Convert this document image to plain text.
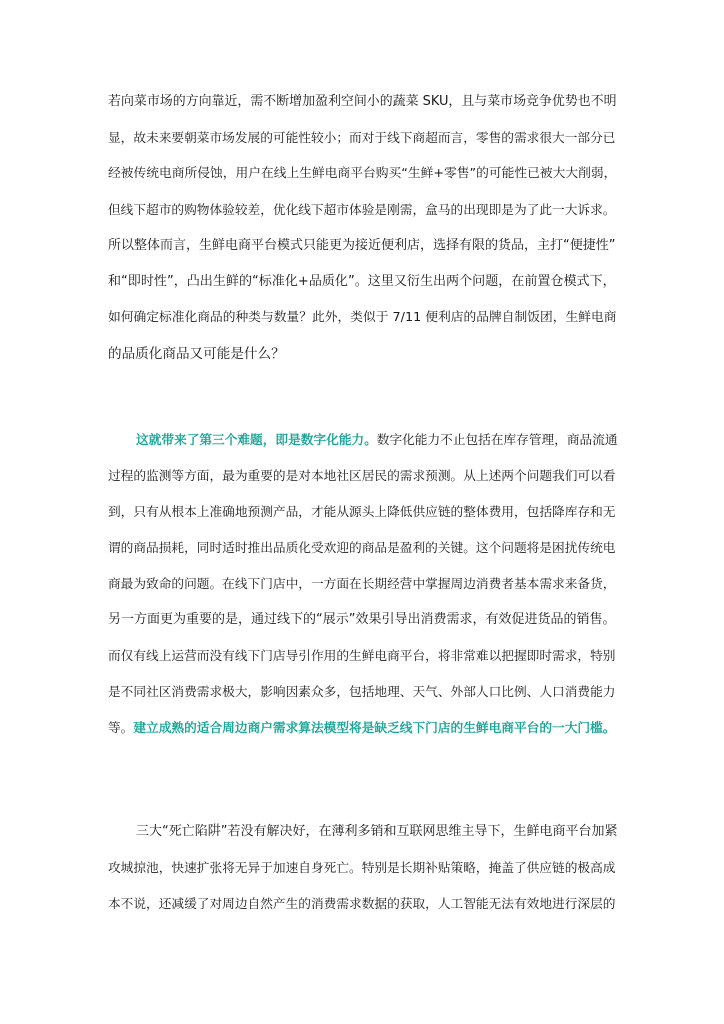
若向菜市场的方向靠近，需不断增加盈利空间小的蔬菜 SKU，且与菜市场竞争优势也不明
显，故未来要朝菜市场发展的可能性较小；而对于线下商超而言，零售的需求很大一部分已
经被传统电商所侵蚀，用户在线上生鲜电商平台购买“生鲜+零售”的可能性已被大大削弱，
但线下超市的购物体验较差，优化线下超市体验是刚需，盒马的出现即是为了此一大诉求。
所以整体而言，生鲜电商平台模式只能更为接近便利店，选择有限的货品，主打“便捷性”
和“即时性”，凸出生鲜的“标准化+品质化”。这里又衍生出两个问题，在前置仓模式下，
如何确定标准化商品的种类与数量？此外，类似于 7/11 便利店的品牌自制饭团，生鲜电商
的品质化商品又可能是什么？
这就带来了第三个难题，即是数字化能力。数字化能力不止包括在库存管理，商品流通
过程的监测等方面，最为重要的是对本地社区居民的需求预测。从上述两个问题我们可以看
到，只有从根本上准确地预测产品，才能从源头上降低供应链的整体费用，包括降库存和无
谓的商品损耗，同时适时推出品质化受欢迎的商品是盈利的关键。这个问题将是困扰传统电
商最为致命的问题。在线下门店中，一方面在长期经营中掌握周边消费者基本需求来备货，
另一方面更为重要的是，通过线下的“展示”效果引导出消费需求，有效促进货品的销售。
而仅有线上运营而没有线下门店导引作用的生鲜电商平台，将非常难以把握即时需求，特别
是不同社区消费需求极大，影响因素众多，包括地理、天气、外部人口比例、人口消费能力
等。建立成熟的适合周边商户需求算法模型将是缺乏线下门店的生鲜电商平台的一大门槛。
三大“死亡陷阱”若没有解决好，在薄利多销和互联网思维主导下，生鲜电商平台加紧
攻城掠池，快速扩张将无异于加速自身死亡。特别是长期补贴策略，掩盖了供应链的极高成
本不说，还减缓了对周边自然产生的消费需求数据的获取，人工智能无法有效地进行深层的
